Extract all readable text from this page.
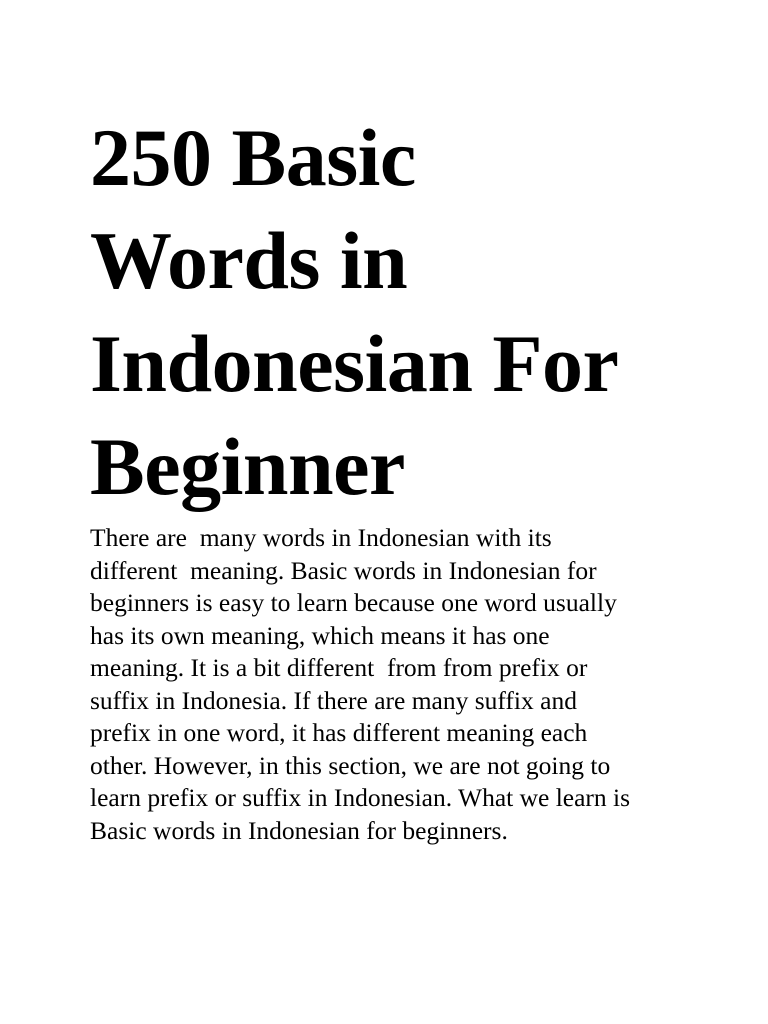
250 Basic
Words in
Indonesian For
Beginner

There are  many words in Indonesian with its
different  meaning. Basic words in Indonesian for
beginners is easy to learn because one word usually
has its own meaning, which means it has one
meaning. It is a bit different  from from prefix or
suffix in Indonesia. If there are many suffix and
prefix in one word, it has different meaning each
other. However, in this section, we are not going to
learn prefix or suffix in Indonesian. What we learn is
Basic words in Indonesian for beginners.
